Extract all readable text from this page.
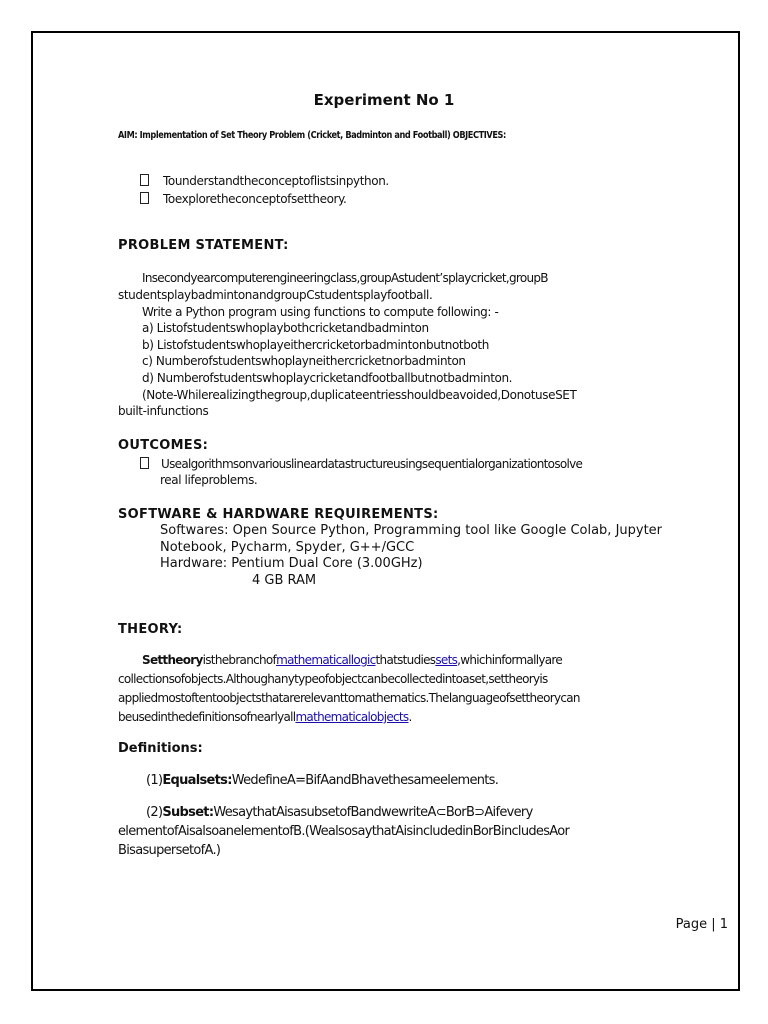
Experiment No 1
AIM: Implementation of Set Theory Problem (Cricket, Badminton and Football) OBJECTIVES:
Tounderstandtheconceptoflistsinpython.
Toexploretheconceptofsettheory.
PROBLEM STATEMENT:
Insecondyearcomputerengineeringclass,groupAstudent’splaycricket,groupB
studentsplaybadmintonandgroupCstudentsplayfootball.
Write a Python program using functions to compute following: -
a) Listofstudentswhoplaybothcricketandbadminton
b) Listofstudentswhoplayeithercricketorbadmintonbutnotboth
c) Numberofstudentswhoplayneithercricketnorbadminton
d) Numberofstudentswhoplaycricketandfootballbutnotbadminton.
(Note-Whilerealizingthegroup,duplicateentriesshouldbeavoided,DonotuseSET
built-infunctions
OUTCOMES:
Usealgorithmsonvariouslineardatastructureusingsequentialorganizationtosolve
real lifeproblems.
SOFTWARE & HARDWARE REQUIREMENTS:
Softwares: Open Source Python, Programming tool like Google Colab, Jupyter
Notebook, Pycharm, Spyder, G++/GCC
Hardware: Pentium Dual Core (3.00GHz)
4 GB RAM
THEORY:
Settheoryisthebranchofmathematicallogicthatstudiessets,whichinformallyare
collectionsofobjects.Althoughanytypeofobjectcanbecollectedintoaset,settheoryis
appliedmostoftentoobjectsthatarerelevanttomathematics.Thelanguageofsettheorycan
beusedinthedefinitionsofnearlyallmathematicalobjects.
Definitions:
(1)Equalsets:WedefineA=BifAandBhavethesameelements.
(2)Subset:WesaythatAisasubsetofBandwewriteA⊂BorB⊃Aifevery
elementofAisalsoanelementofB.(WealsosaythatAisincludedinBorBincludesAor
BisasupersetofA.)
Page | 1
